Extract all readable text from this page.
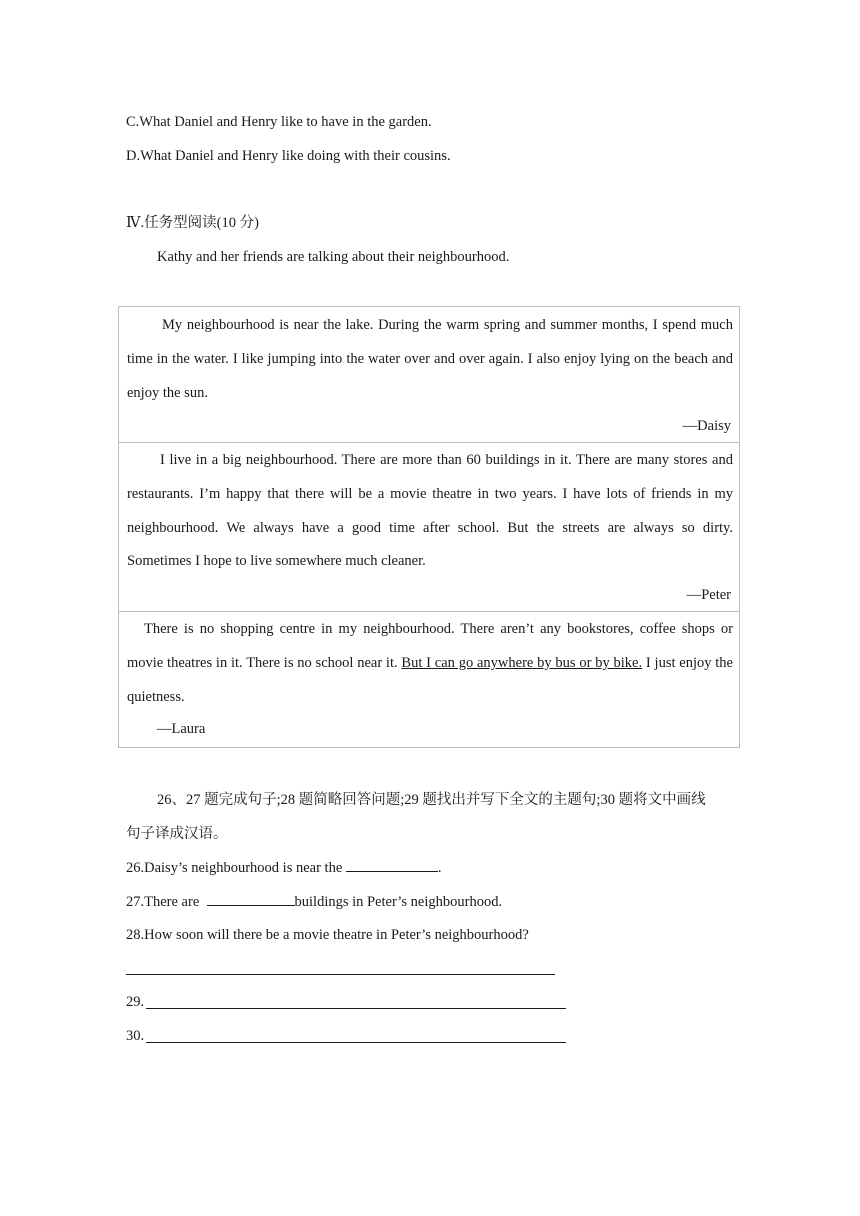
C.What Daniel and Henry like to have in the garden.
D.What Daniel and Henry like doing with their cousins.
Ⅳ.任务型阅读(10 分)
Kathy and her friends are talking about their neighbourhood.
My neighbourhood is near the lake. During the warm spring and summer months, I spend much time in the water. I like jumping into the water over and over again. I also enjoy lying on the beach and enjoy the sun.
—Daisy
I live in a big neighbourhood. There are more than 60 buildings in it. There are many stores and restaurants. I’m happy that there will be a movie theatre in two years. I have lots of friends in my neighbourhood. We always have a good time after school. But the streets are always so dirty. Sometimes I hope to live somewhere much cleaner.
—Peter
There is no shopping centre in my neighbourhood. There aren’t any bookstores, coffee shops or movie theatres in it. There is no school near it. But I can go anywhere by bus or by bike. I just enjoy the quietness.
—Laura
26、27 题完成句子;28 题简略回答问题;29 题找出并写下全文的主题句;30 题将文中画线
句子译成汉语。
26.Daisy’s neighbourhood is near the	.
27.There are	buildings in Peter’s neighbourhood.
28.How soon will there be a movie theatre in Peter’s neighbourhood?
29.
30.
